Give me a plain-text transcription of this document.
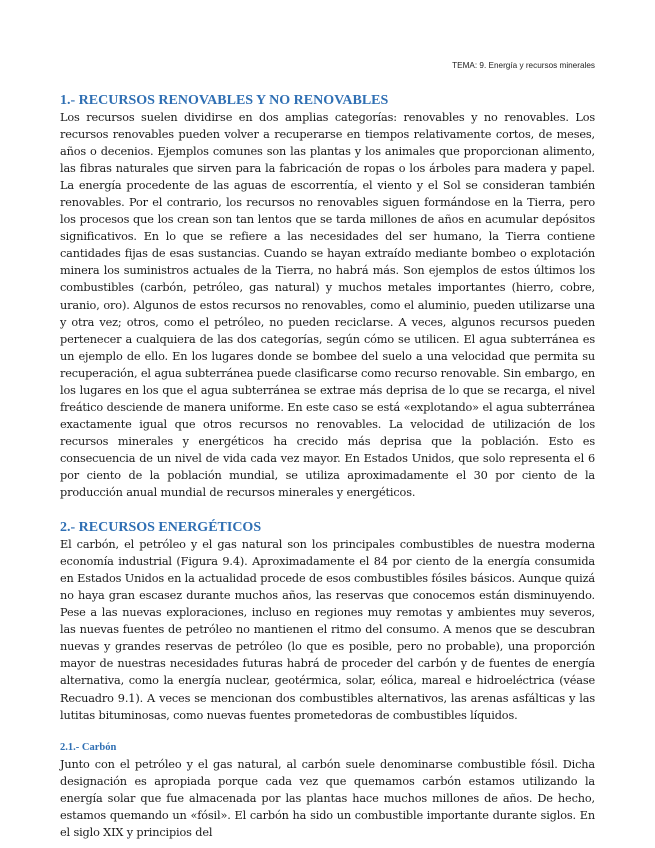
TEMA: 9. Energía y recursos minerales
1.- RECURSOS RENOVABLES Y NO RENOVABLES

Los recursos suelen dividirse en dos amplias categorías: renovables y no renovables. Los recursos renovables pueden volver a recuperarse en tiempos relativamente cortos, de meses, años o decenios. Ejemplos comunes son las plantas y los animales que proporcionan alimento, las fibras naturales que sirven para la fabricación de ropas o los árboles para madera y papel. La energía procedente de las aguas de escorrentía, el viento y el Sol se consideran también renovables. Por el contrario, los recursos no renovables siguen formándose en la Tierra, pero los procesos que los crean son tan lentos que se tarda millones de años en acumular depósitos significativos. En lo que se refiere a las necesidades del ser humano, la Tierra contiene cantidades fijas de esas sustancias. Cuando se hayan extraído mediante bombeo o explotación minera los suministros actuales de la Tierra, no habrá más. Son ejemplos de estos últimos los combustibles (carbón, petróleo, gas natural) y muchos metales importantes (hierro, cobre, uranio, oro). Algunos de estos recursos no renovables, como el aluminio, pueden utilizarse una y otra vez; otros, como el petróleo, no pueden reciclarse. A veces, algunos recursos pueden pertenecer a cualquiera de las dos categorías, según cómo se utilicen. El agua subterránea es un ejemplo de ello. En los lugares donde se bombee del suelo a una velocidad que permita su recuperación, el agua subterránea puede clasificarse como recurso renovable. Sin embargo, en los lugares en los que el agua subterránea se extrae más deprisa de lo que se recarga, el nivel freático desciende de manera uniforme. En este caso se está «explotando» el agua subterránea exactamente igual que otros recursos no renovables. La velocidad de utilización de los recursos minerales y energéticos ha crecido más deprisa que la población. Esto es consecuencia de un nivel de vida cada vez mayor. En Estados Unidos, que solo representa el 6 por ciento de la población mundial, se utiliza aproximadamente el 30 por ciento de la producción anual mundial de recursos minerales y energéticos.

2.- RECURSOS ENERGÉTICOS

El carbón, el petróleo y el gas natural son los principales combustibles de nuestra moderna economía industrial (Figura 9.4). Aproximadamente el 84 por ciento de la energía consumida en Estados Unidos en la actualidad procede de esos combustibles fósiles básicos. Aunque quizá no haya gran escasez durante muchos años, las reservas que conocemos están disminuyendo. Pese a las nuevas exploraciones, incluso en regiones muy remotas y ambientes muy severos, las nuevas fuentes de petróleo no mantienen el ritmo del consumo. A menos que se descubran nuevas y grandes reservas de petróleo (lo que es posible, pero no probable), una proporción mayor de nuestras necesidades futuras habrá de proceder del carbón y de fuentes de energía alternativa, como la energía nuclear, geotérmica, solar, eólica, mareal e hidroeléctrica (véase Recuadro 9.1). A veces se mencionan dos combustibles alternativos, las arenas asfálticas y las lutitas bituminosas, como nuevas fuentes prometedoras de combustibles líquidos.

2.1.- Carbón

Junto con el petróleo y el gas natural, al carbón suele denominarse combustible fósil. Dicha designación es apropiada porque cada vez que quemamos carbón estamos utilizando la energía solar que fue almacenada por las plantas hace muchos millones de años. De hecho, estamos quemando un «fósil». El carbón ha sido un combustible importante durante siglos. En el siglo XIX y principios del
